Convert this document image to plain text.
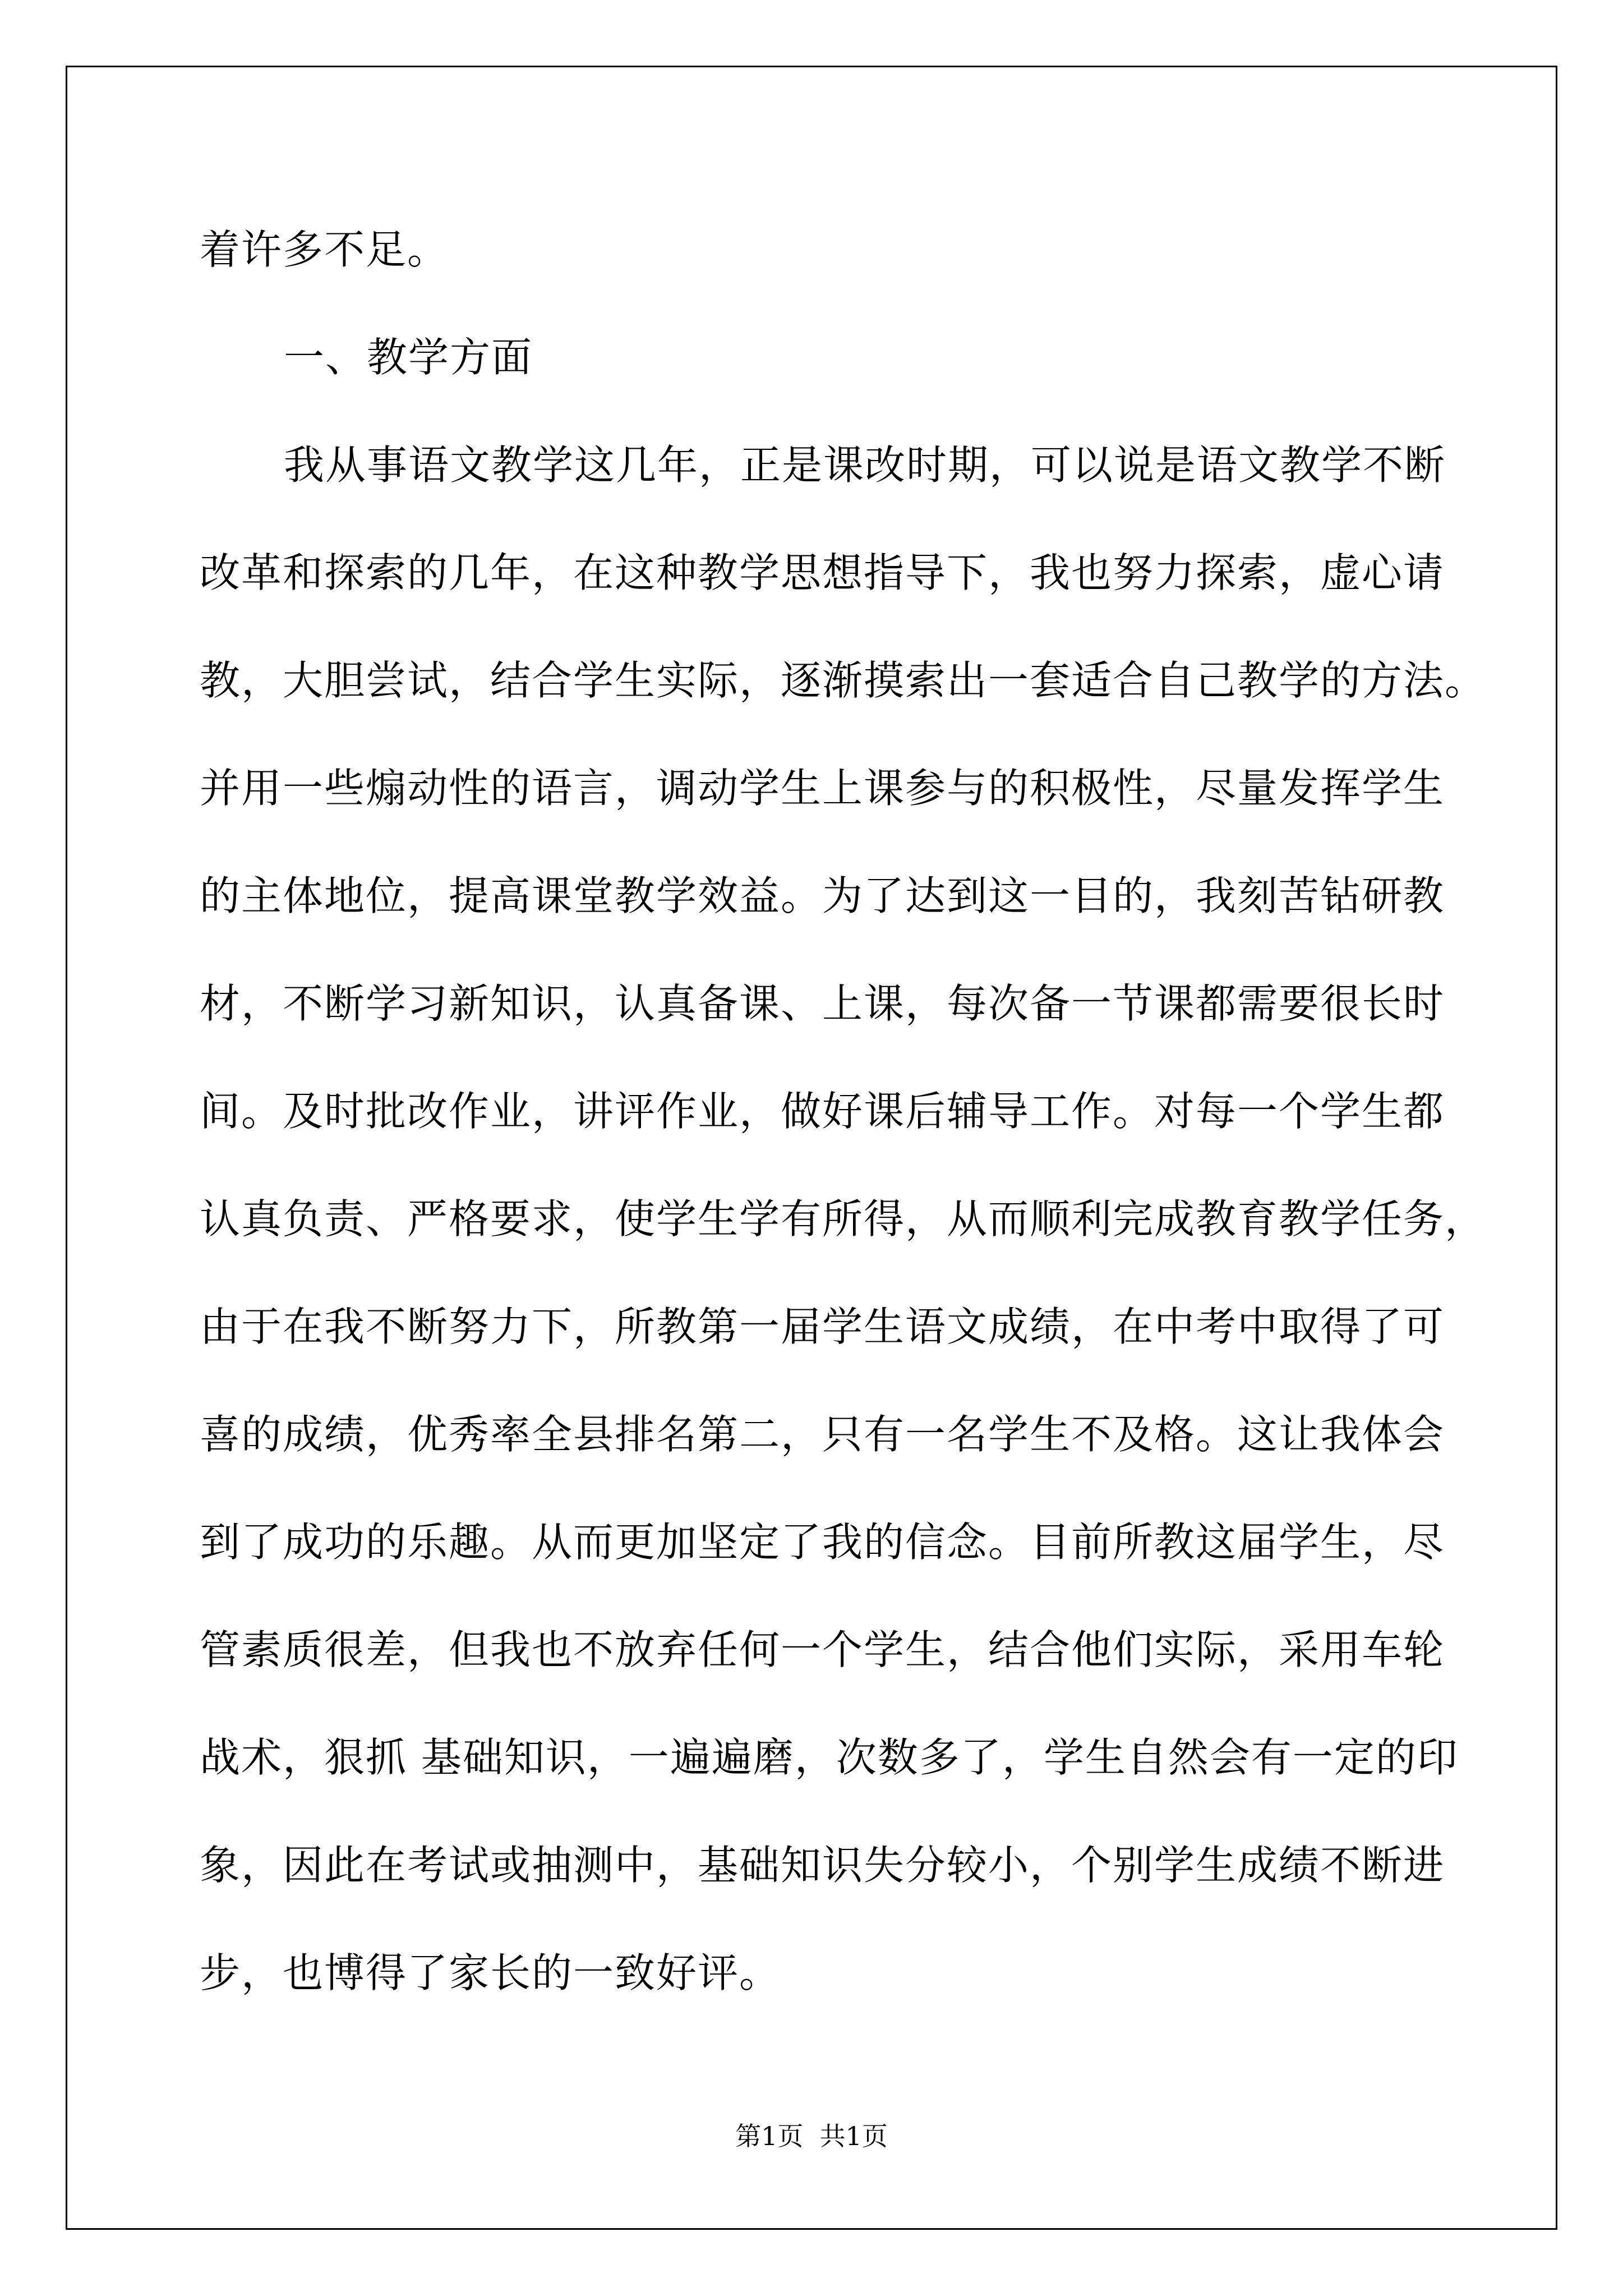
着许多不足。

一、教学方面

我从事语文教学这几年，正是课改时期，可以说是语文教学不断

改革和探索的几年，在这种教学思想指导下，我也努力探索，虚心请

教，大胆尝试，结合学生实际，逐渐摸索出一套适合自己教学的方法。

并用一些煽动性的语言，调动学生上课参与的积极性，尽量发挥学生

的主体地位，提高课堂教学效益。为了达到这一目的，我刻苦钻研教

材，不断学习新知识，认真备课、上课，每次备一节课都需要很长时

间。及时批改作业，讲评作业，做好课后辅导工作。对每一个学生都

认真负责、严格要求，使学生学有所得，从而顺利完成教育教学任务，

由于在我不断努力下，所教第一届学生语文成绩，在中考中取得了可

喜的成绩，优秀率全县排名第二，只有一名学生不及格。这让我体会

到了成功的乐趣。从而更加坚定了我的信念。目前所教这届学生，尽

管素质很差，但我也不放弃任何一个学生，结合他们实际，采用车轮

战术，狠抓 基础知识，一遍遍磨，次数多了，学生自然会有一定的印

象，因此在考试或抽测中，基础知识失分较小，个别学生成绩不断进

步，也博得了家长的一致好评。

第1页  共1页
